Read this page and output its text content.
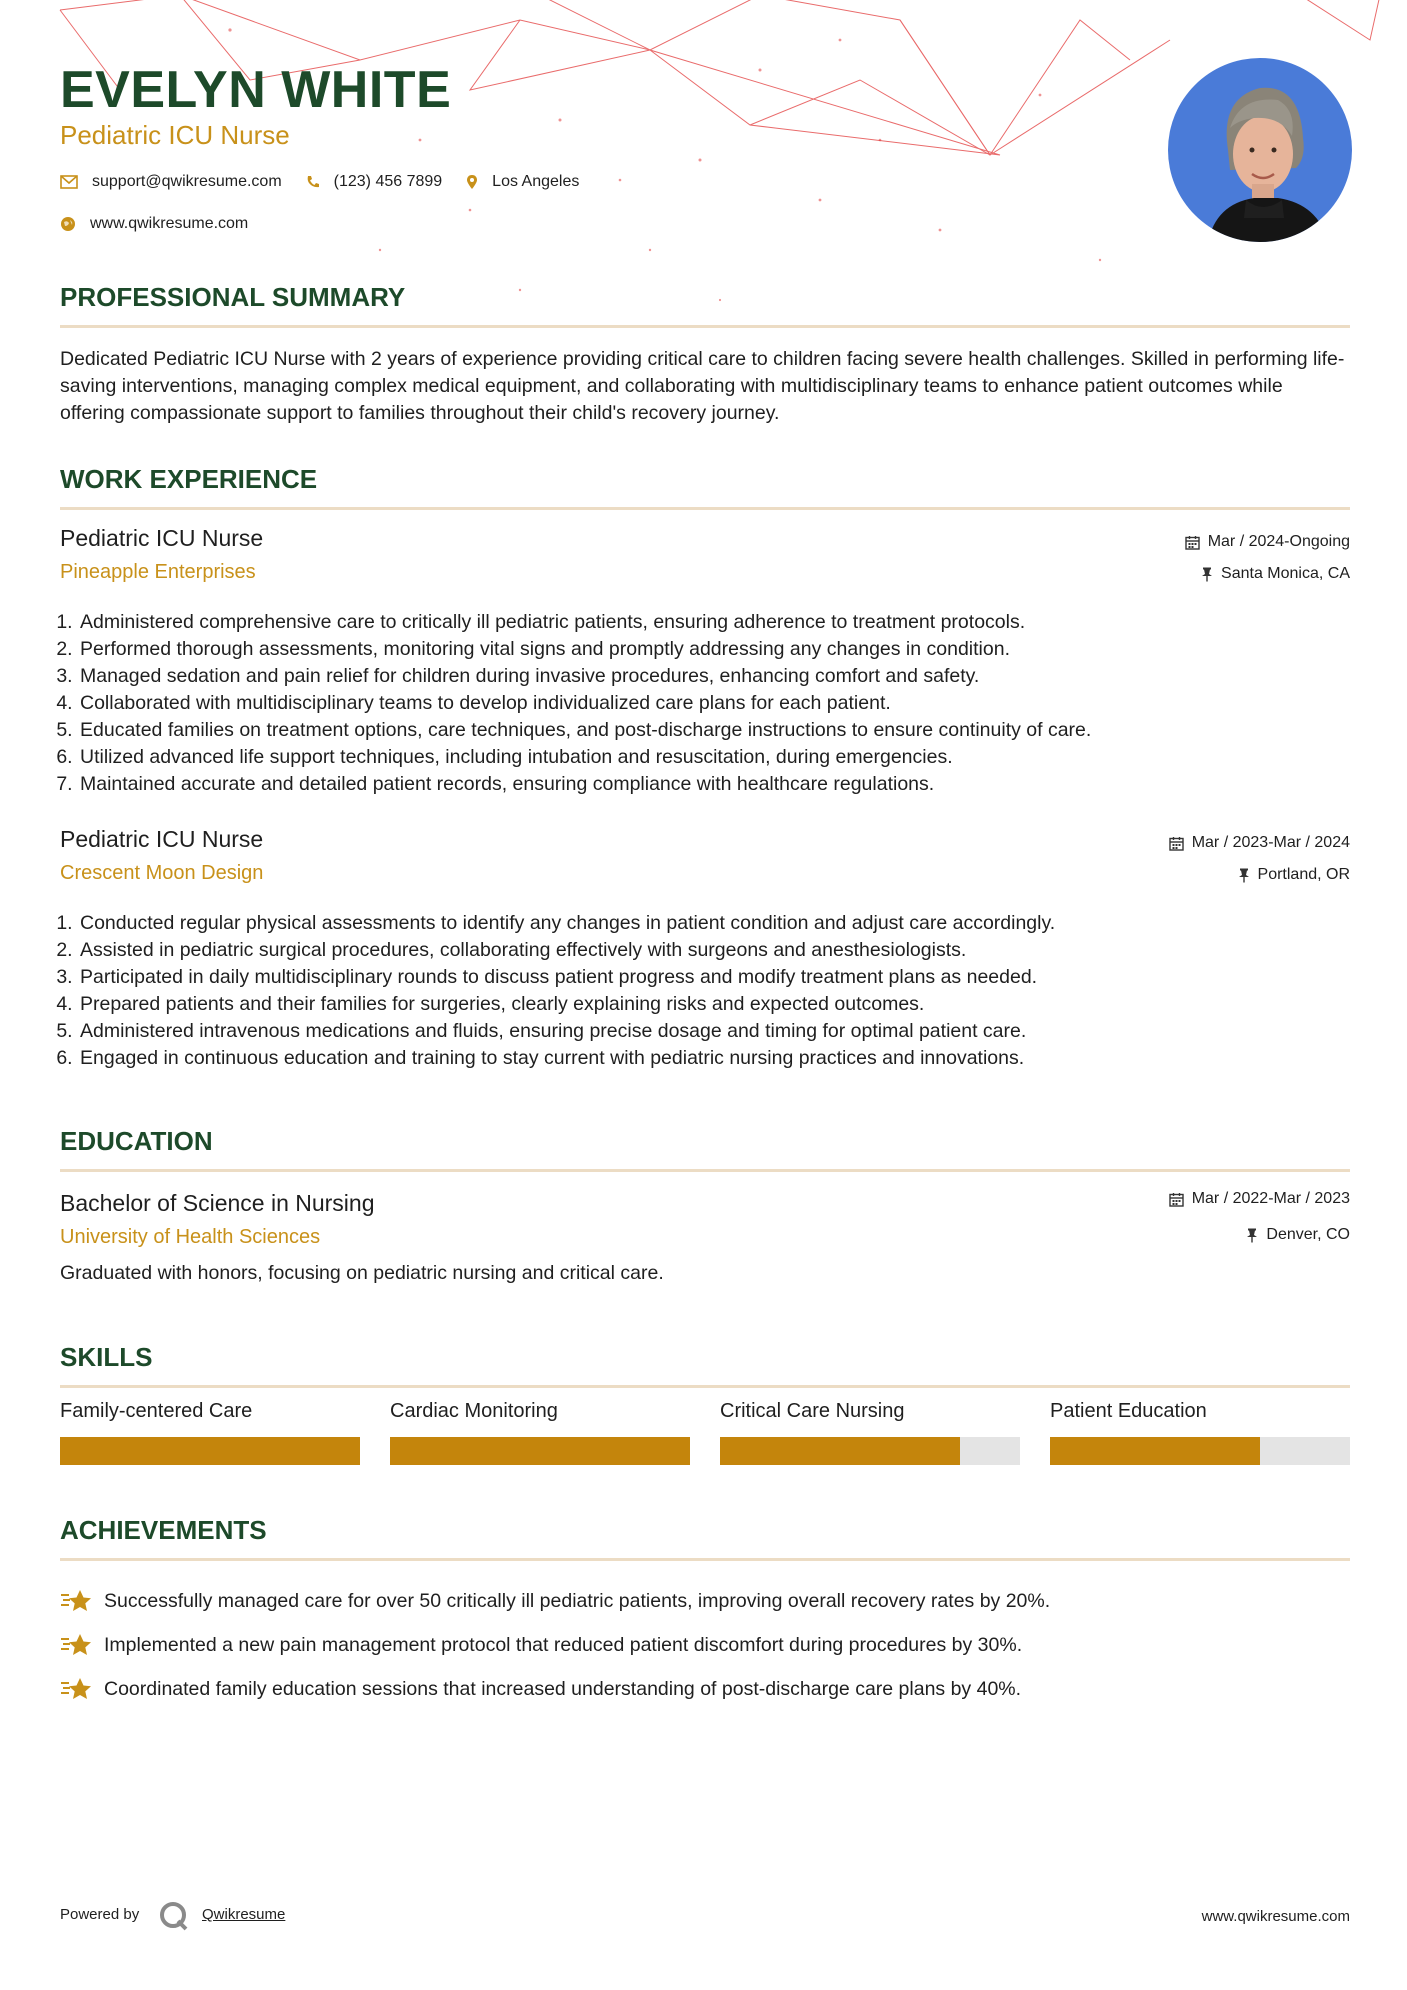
EVELYN WHITE
Pediatric ICU Nurse
support@qwikresume.com	(123) 456 7899	Los Angeles
www.qwikresume.com
PROFESSIONAL SUMMARY
Dedicated Pediatric ICU Nurse with 2 years of experience providing critical care to children facing severe health challenges. Skilled in performing life-saving interventions, managing complex medical equipment, and collaborating with multidisciplinary teams to enhance patient outcomes while offering compassionate support to families throughout their child's recovery journey.
WORK EXPERIENCE
Pediatric ICU Nurse
Pineapple Enterprises
Mar / 2024-Ongoing
Santa Monica, CA
1. Administered comprehensive care to critically ill pediatric patients, ensuring adherence to treatment protocols.
2. Performed thorough assessments, monitoring vital signs and promptly addressing any changes in condition.
3. Managed sedation and pain relief for children during invasive procedures, enhancing comfort and safety.
4. Collaborated with multidisciplinary teams to develop individualized care plans for each patient.
5. Educated families on treatment options, care techniques, and post-discharge instructions to ensure continuity of care.
6. Utilized advanced life support techniques, including intubation and resuscitation, during emergencies.
7. Maintained accurate and detailed patient records, ensuring compliance with healthcare regulations.
Pediatric ICU Nurse
Crescent Moon Design
Mar / 2023-Mar / 2024
Portland, OR
1. Conducted regular physical assessments to identify any changes in patient condition and adjust care accordingly.
2. Assisted in pediatric surgical procedures, collaborating effectively with surgeons and anesthesiologists.
3. Participated in daily multidisciplinary rounds to discuss patient progress and modify treatment plans as needed.
4. Prepared patients and their families for surgeries, clearly explaining risks and expected outcomes.
5. Administered intravenous medications and fluids, ensuring precise dosage and timing for optimal patient care.
6. Engaged in continuous education and training to stay current with pediatric nursing practices and innovations.
EDUCATION
Bachelor of Science in Nursing
University of Health Sciences
Mar / 2022-Mar / 2023
Denver, CO
Graduated with honors, focusing on pediatric nursing and critical care.
SKILLS
Family-centered Care	Cardiac Monitoring	Critical Care Nursing	Patient Education
ACHIEVEMENTS
Successfully managed care for over 50 critically ill pediatric patients, improving overall recovery rates by 20%.
Implemented a new pain management protocol that reduced patient discomfort during procedures by 30%.
Coordinated family education sessions that increased understanding of post-discharge care plans by 40%.
Powered by	Qwikresume	www.qwikresume.com
